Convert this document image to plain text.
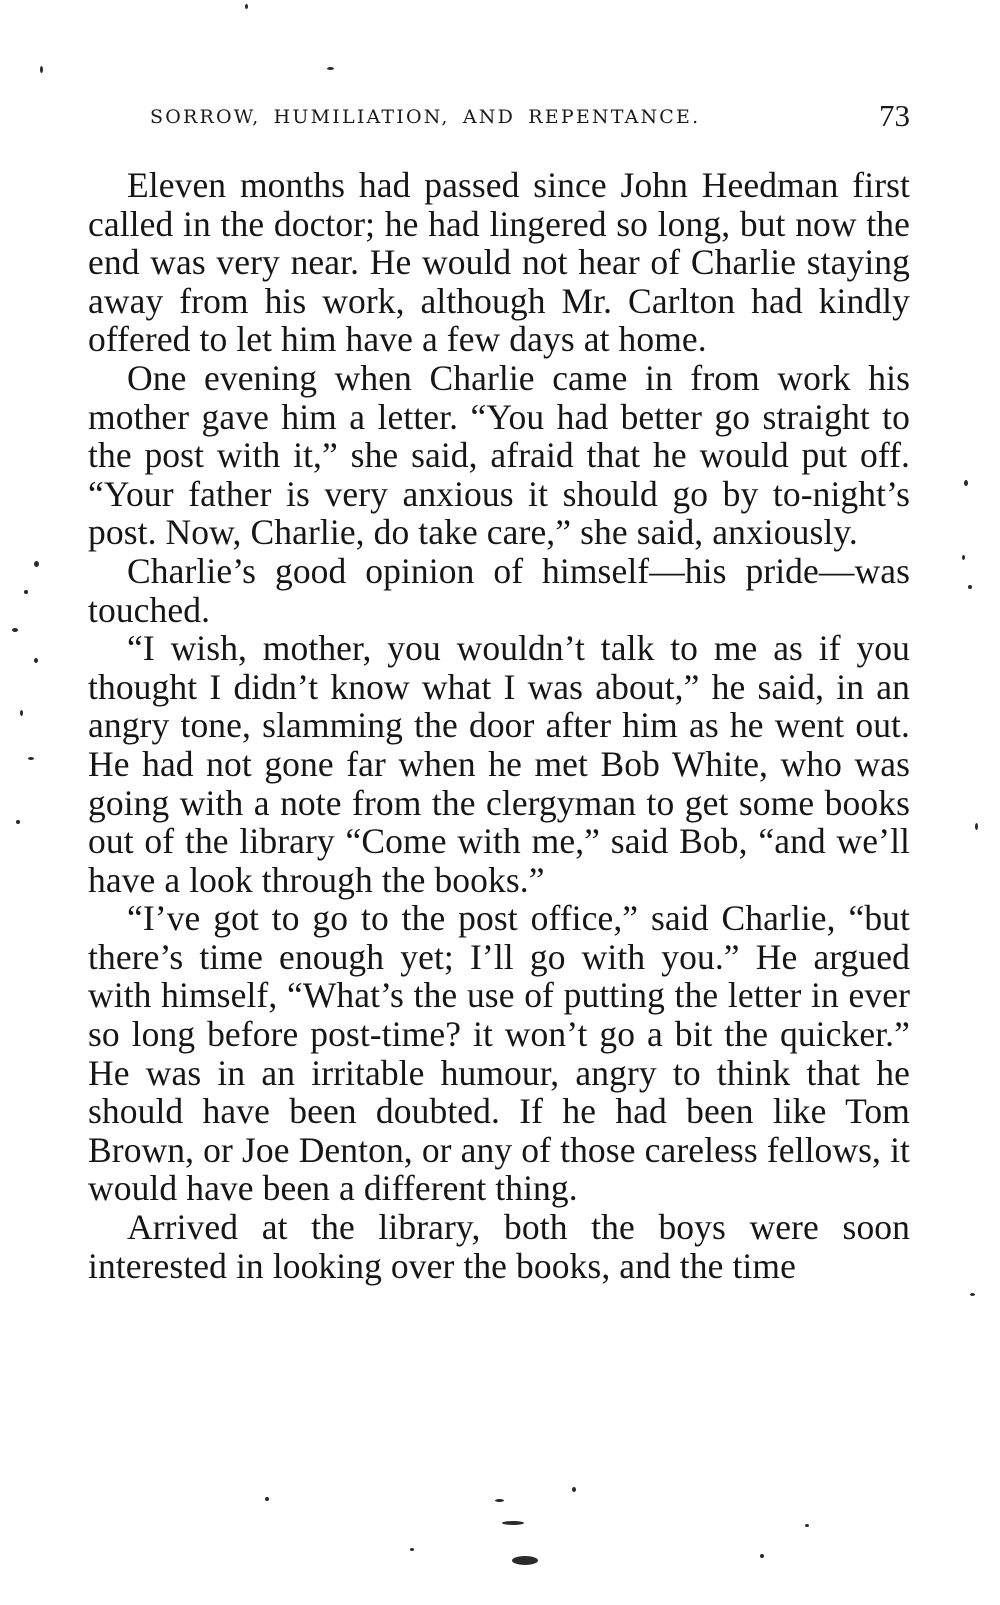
SORROW, HUMILIATION, AND REPENTANCE.	73

Eleven months had passed since John Heedman first called in the doctor; he had lingered so long, but now the end was very near. He would not hear of Charlie staying away from his work, although Mr. Carlton had kindly offered to let him have a few days at home.

One evening when Charlie came in from work his mother gave him a letter. “You had better go straight to the post with it,” she said, afraid that he would put off. “Your father is very anxious it should go by to-night’s post. Now, Charlie, do take care,” she said, anxiously.

Charlie’s good opinion of himself—his pride—was touched.

“I wish, mother, you wouldn’t talk to me as if you thought I didn’t know what I was about,” he said, in an angry tone, slamming the door after him as he went out. He had not gone far when he met Bob White, who was going with a note from the clergyman to get some books out of the library “Come with me,” said Bob, “and we’ll have a look through the books.”

“I’ve got to go to the post office,” said Charlie, “but there’s time enough yet; I’ll go with you.” He argued with himself, “What’s the use of putting the letter in ever so long before post-time? it won’t go a bit the quicker.” He was in an irritable humour, angry to think that he should have been doubted. If he had been like Tom Brown, or Joe Denton, or any of those careless fellows, it would have been a different thing.

Arrived at the library, both the boys were soon interested in looking over the books, and the time
